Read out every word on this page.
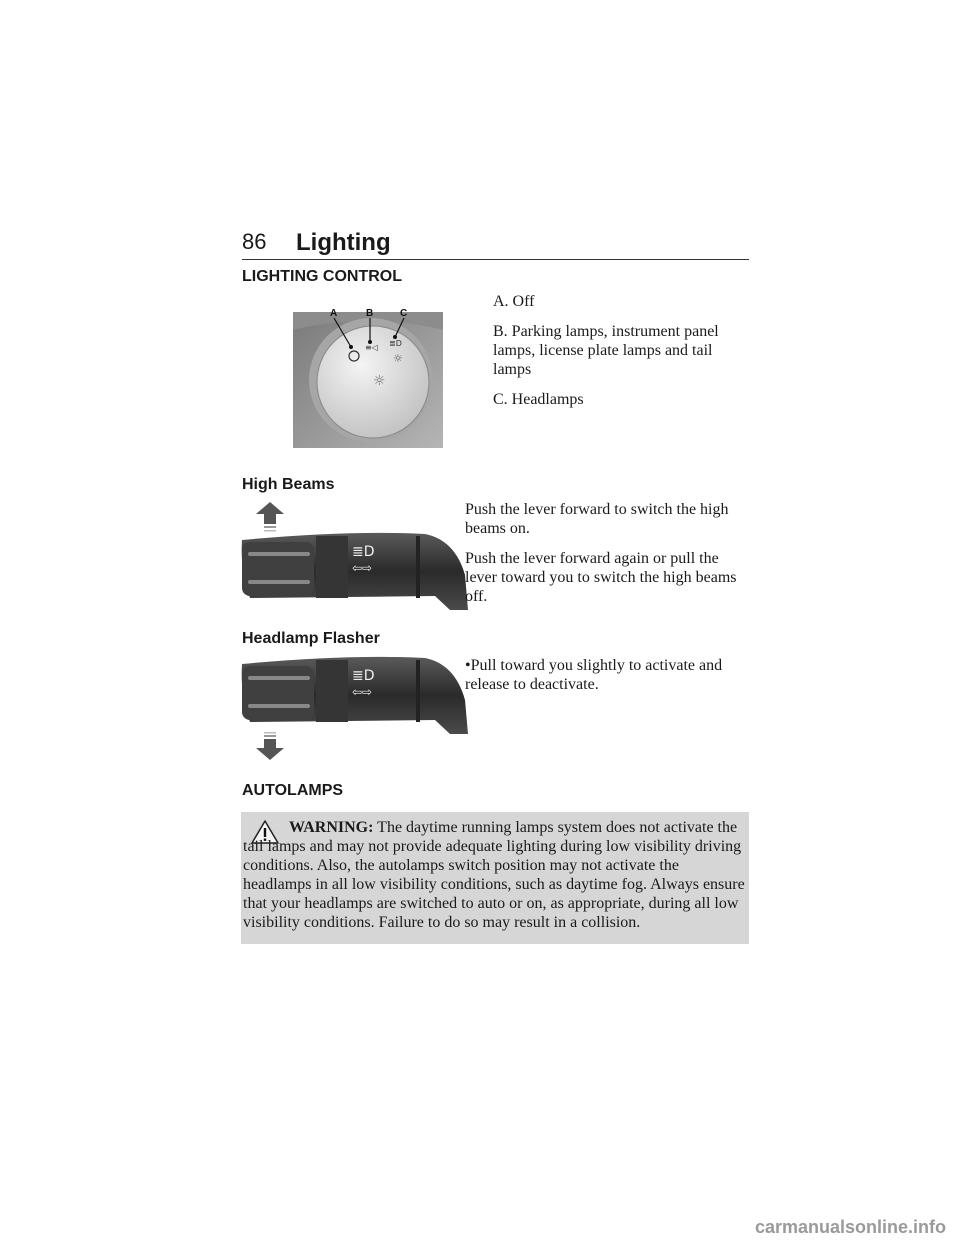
86 Lighting
LIGHTING CONTROL
≡◁ ≣D
☼
☼
A	B	C

A. Off

B. Parking lamps, instrument panel lamps, license plate lamps and tail lamps

C. Headlamps

High Beams
≣D
⇦⇨

Push the lever forward to switch the high beams on.

Push the lever forward again or pull the lever toward you to switch the high beams off.

Headlamp Flasher
≣D
⇦⇨

•Pull toward you slightly to activate and release to deactivate.

AUTOLAMPS
WARNING: The daytime running lamps system does not activate the tail lamps and may not provide adequate lighting during low visibility driving conditions. Also, the autolamps switch position may not activate the headlamps in all low visibility conditions, such as daytime fog. Always ensure that your headlamps are switched to auto or on, as appropriate, during all low visibility conditions. Failure to do so may result in a collision.
carmanualsonline.info
